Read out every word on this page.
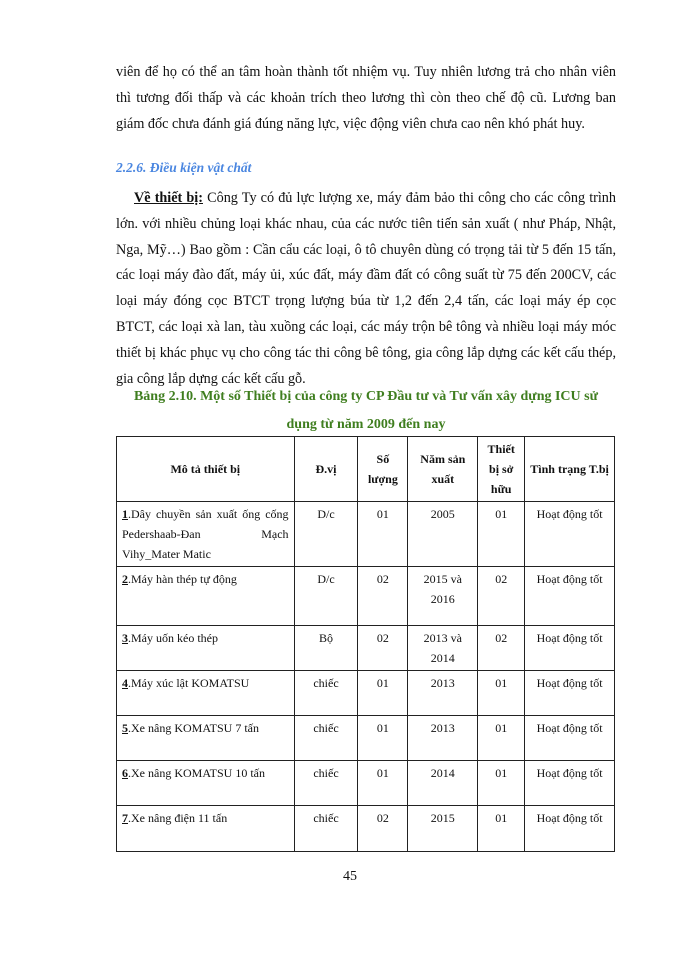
viên để họ có thể an tâm hoàn thành tốt nhiệm vụ. Tuy nhiên lương trả cho nhân viên thì tương đối thấp và các khoản trích theo lương thì còn theo chế độ cũ. Lương ban giám đốc chưa đánh giá đúng năng lực, việc động viên chưa cao nên khó phát huy.
2.2.6. Điều kiện vật chất
Về thiết bị: Công Ty có đủ lực lượng xe, máy đảm bảo thi công cho các công trình lớn. với nhiều chủng loại khác nhau, của các nước tiên tiến sản xuất ( như Pháp, Nhật, Nga, Mỹ…) Bao gồm : Cần cẩu các loại, ô tô chuyên dùng có trọng tải từ 5 đến 15 tấn, các loại máy đào đất, máy ủi, xúc đất, máy đầm đất có công suất từ 75 đến 200CV, các loại máy đóng cọc BTCT trọng lượng búa từ 1,2 đến 2,4 tấn, các loại máy ép cọc BTCT, các loại xà lan, tàu xuồng các loại, các máy trộn bê tông và nhiều loại máy móc thiết bị khác phục vụ cho công tác thi công bê tông, gia công lắp dựng các kết cấu thép, gia công lắp dựng các kết cấu gỗ.
Bảng 2.10. Một số Thiết bị của công ty CP Đầu tư và Tư vấn xây dựng ICU sử
dụng từ năm 2009 đến nay
Mô tả thiết bị	Đ.vị	Số lượng	Năm sản xuất	Thiết bị sở hữu	Tình trạng T.bị
1.Dây chuyền sản xuất ống cống Pedershaab-Đan Mạch Vihy_Mater Matic	D/c	01	2005	01	Hoạt động tốt
2.Máy hàn thép tự động	D/c	02	2015 và 2016	02	Hoạt động tốt
3.Máy uốn kéo thép	Bộ	02	2013 và 2014	02	Hoạt động tốt
4.Máy xúc lật KOMATSU	chiếc	01	2013	01	Hoạt động tốt
5.Xe nâng KOMATSU 7 tấn	chiếc	01	2013	01	Hoạt động tốt
6.Xe nâng KOMATSU 10 tấn	chiếc	01	2014	01	Hoạt động tốt
7.Xe nâng điện 11 tấn	chiếc	02	2015	01	Hoạt động tốt
45
